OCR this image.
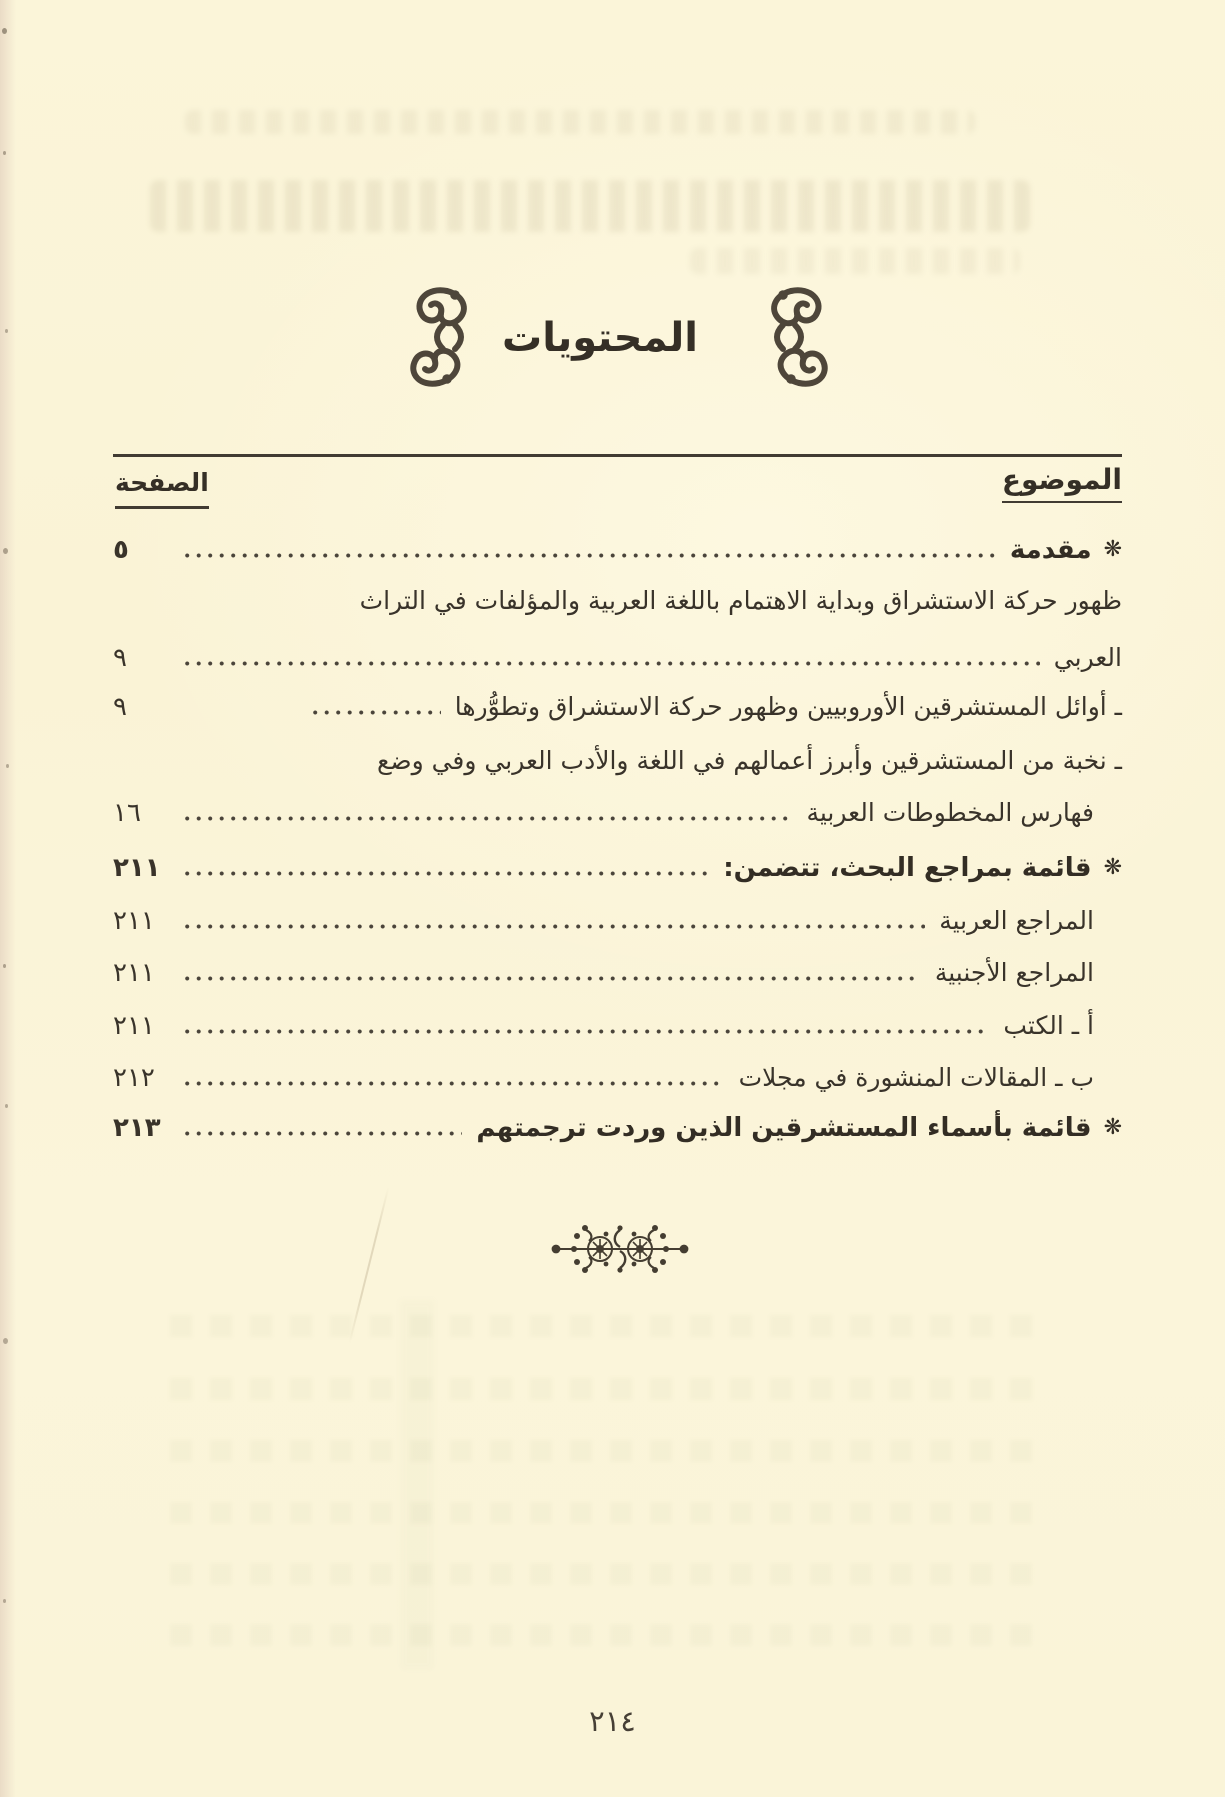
المحتويات
الموضوع
الصفحة
❋
مقدمة
٥
ظهور حركة الاستشراق وبداية الاهتمام باللغة العربية والمؤلفات في التراث
العربي
٩
ـ أوائل المستشرقين الأوروبيين وظهور حركة الاستشراق وتطوُّرها
٩
ـ نخبة من المستشرقين وأبرز أعمالهم في اللغة والأدب العربي وفي وضع
فهارس المخطوطات العربية
١٦
❋
قائمة بمراجع البحث، تتضمن:
٢١١
المراجع العربية
٢١١
المراجع الأجنبية
٢١١
أ ـ الكتب
٢١١
ب ـ المقالات المنشورة في مجلات
٢١٢
❋
قائمة بأسماء المستشرقين الذين وردت ترجمتهم
٢١٣
٢١٤
